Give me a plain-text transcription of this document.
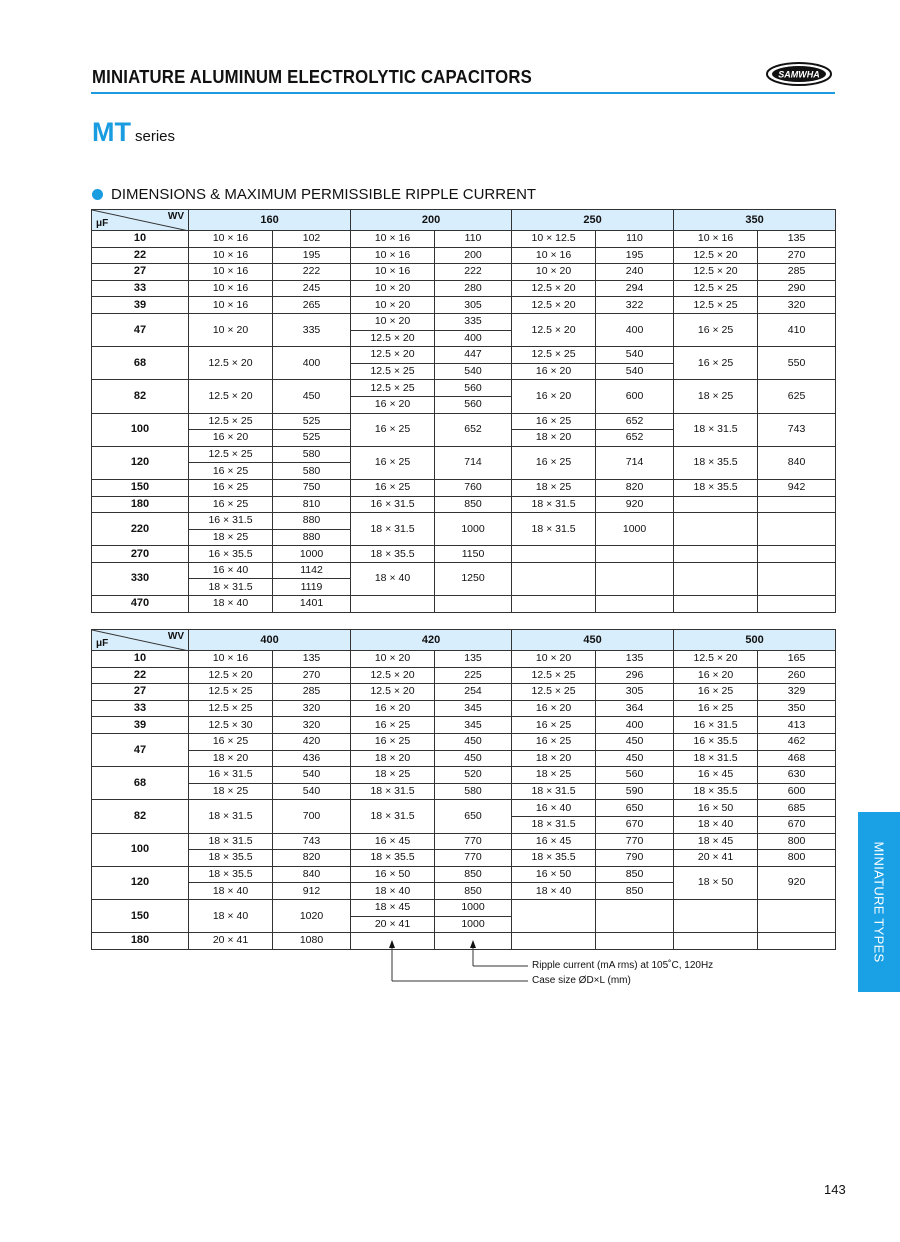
MINIATURE ALUMINUM ELECTROLYTIC CAPACITORS	SAMWHA
MT series
DIMENSIONS & MAXIMUM PERMISSIBLE RIPPLE CURRENT
WV
μF	160		200		250		350	
10	10 × 16	102	10 × 16	110	10 × 12.5	110	10 × 16	135
22	10 × 16	195	10 × 16	200	10 × 16	195	12.5 × 20	270
27	10 × 16	222	10 × 16	222	10 × 20	240	12.5 × 20	285
33	10 × 16	245	10 × 20	280	12.5 × 20	294	12.5 × 25	290
39	10 × 16	265	10 × 20	305	12.5 × 20	322	12.5 × 25	320
47	10 × 20	335	10 × 20	335	12.5 × 20	400	16 × 25	410
			12.5 × 20	400				
68	12.5 × 20	400	12.5 × 20	447	12.5 × 25	540	16 × 25	550
			12.5 × 25	540	16 × 20	540		
82	12.5 × 20	450	12.5 × 25	560	16 × 20	600	18 × 25	625
			16 × 20	560				
100	12.5 × 25	525	16 × 25	652	16 × 25	652	18 × 31.5	743
	16 × 20	525			18 × 20	652		
120	12.5 × 25	580	16 × 25	714	16 × 25	714	18 × 35.5	840
	16 × 25	580						
150	16 × 25	750	16 × 25	760	18 × 25	820	18 × 35.5	942
180	16 × 25	810	16 × 31.5	850	18 × 31.5	920		
220	16 × 31.5	880	18 × 31.5	1000	18 × 31.5	1000		
	18 × 25	880						
270	16 × 35.5	1000	18 × 35.5	1150				
330	16 × 40	1142	18 × 40	1250				
	18 × 31.5	1119						
470	18 × 40	1401						
WV
μF	400		420		450		500	
10	10 × 16	135	10 × 20	135	10 × 20	135	12.5 × 20	165
22	12.5 × 20	270	12.5 × 20	225	12.5 × 25	296	16 × 20	260
27	12.5 × 25	285	12.5 × 20	254	12.5 × 25	305	16 × 25	329
33	12.5 × 25	320	16 × 20	345	16 × 20	364	16 × 25	350
39	12.5 × 30	320	16 × 25	345	16 × 25	400	16 × 31.5	413
47	16 × 25	420	16 × 25	450	16 × 25	450	16 × 35.5	462
	18 × 20	436	18 × 20	450	18 × 20	450	18 × 31.5	468
68	16 × 31.5	540	18 × 25	520	18 × 25	560	16 × 45	630
	18 × 25	540	18 × 31.5	580	18 × 31.5	590	18 × 35.5	600
82	18 × 31.5	700	18 × 31.5	650	16 × 40	650	16 × 50	685
					18 × 31.5	670	18 × 40	670
100	18 × 31.5	743	16 × 45	770	16 × 45	770	18 × 45	800
	18 × 35.5	820	18 × 35.5	770	18 × 35.5	790	20 × 41	800
120	18 × 35.5	840	16 × 50	850	16 × 50	850	18 × 50	920
	18 × 40	912	18 × 40	850	18 × 40	850		
150	18 × 40	1020	18 × 45	1000				
			20 × 41	1000				
180	20 × 41	1080						
Ripple current (mA rms) at 105˚C, 120Hz
Case size ØD×L (mm)
MINIATURE TYPES
143
